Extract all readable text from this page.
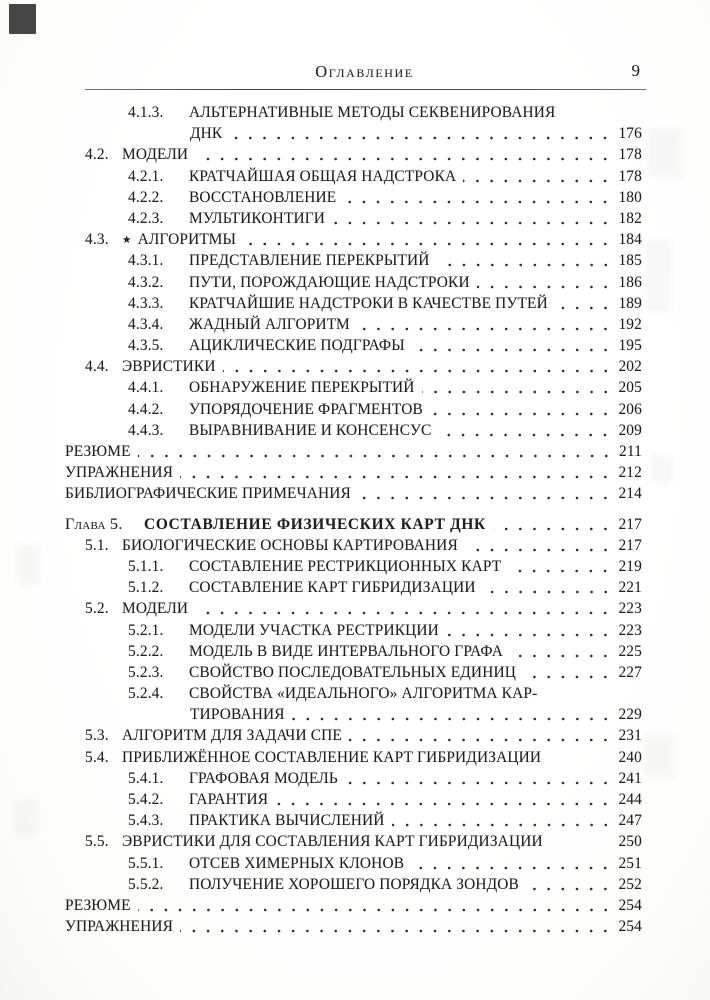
Оглавление	9
4.1.3.	АЛЬТЕРНАТИВНЫЕ МЕТОДЫ СЕКВЕНИРОВАНИЯ
ДНК	176
4.2. МОДЕЛИ	178
4.2.1.	КРАТЧАЙШАЯ ОБЩАЯ НАДСТРОКА	178
4.2.2.	ВОССТАНОВЛЕНИЕ	180
4.2.3.	МУЛЬТИКОНТИГИ	182
4.3.	★ АЛГОРИТМЫ	184
4.3.1.	ПРЕДСТАВЛЕНИЕ ПЕРЕКРЫТИЙ	185
4.3.2.	ПУТИ, ПОРОЖДАЮЩИЕ НАДСТРОКИ	186
4.3.3.	КРАТЧАЙШИЕ НАДСТРОКИ В КАЧЕСТВЕ ПУТЕЙ	189
4.3.4.	ЖАДНЫЙ АЛГОРИТМ	192
4.3.5.	АЦИКЛИЧЕСКИЕ ПОДГРАФЫ	195
4.4. ЭВРИСТИКИ	202
4.4.1.	ОБНАРУЖЕНИЕ ПЕРЕКРЫТИЙ	205
4.4.2.	УПОРЯДОЧЕНИЕ ФРАГМЕНТОВ	206
4.4.3.	ВЫРАВНИВАНИЕ И КОНСЕНСУС	209
РЕЗЮМЕ	211
УПРАЖНЕНИЯ	212
БИБЛИОГРАФИЧЕСКИЕ ПРИМЕЧАНИЯ	214
Глава 5.	СОСТАВЛЕНИЕ ФИЗИЧЕСКИХ КАРТ ДНК	217
5.1. БИОЛОГИЧЕСКИЕ ОСНОВЫ КАРТИРОВАНИЯ	217
5.1.1.	СОСТАВЛЕНИЕ РЕСТРИКЦИОННЫХ КАРТ	219
5.1.2.	СОСТАВЛЕНИЕ КАРТ ГИБРИДИЗАЦИИ	221
5.2. МОДЕЛИ	223
5.2.1.	МОДЕЛИ УЧАСТКА РЕСТРИКЦИИ	223
5.2.2.	МОДЕЛЬ В ВИДЕ ИНТЕРВАЛЬНОГО ГРАФА	225
5.2.3.	СВОЙСТВО ПОСЛЕДОВАТЕЛЬНЫХ ЕДИНИЦ	227
5.2.4.	СВОЙСТВА «ИДЕАЛЬНОГО» АЛГОРИТМА КАР-
ТИРОВАНИЯ	229
5.3. АЛГОРИТМ ДЛЯ ЗАДАЧИ СПЕ	231
5.4. ПРИБЛИЖЁННОЕ СОСТАВЛЕНИЕ КАРТ ГИБРИДИЗАЦИИ	240
5.4.1.	ГРАФОВАЯ МОДЕЛЬ	241
5.4.2.	ГАРАНТИЯ	244
5.4.3.	ПРАКТИКА ВЫЧИСЛЕНИЙ	247
5.5. ЭВРИСТИКИ ДЛЯ СОСТАВЛЕНИЯ КАРТ ГИБРИДИЗАЦИИ	250
5.5.1.	ОТСЕВ ХИМЕРНЫХ КЛОНОВ	251
5.5.2.	ПОЛУЧЕНИЕ ХОРОШЕГО ПОРЯДКА ЗОНДОВ	252
РЕЗЮМЕ	254
УПРАЖНЕНИЯ	254
